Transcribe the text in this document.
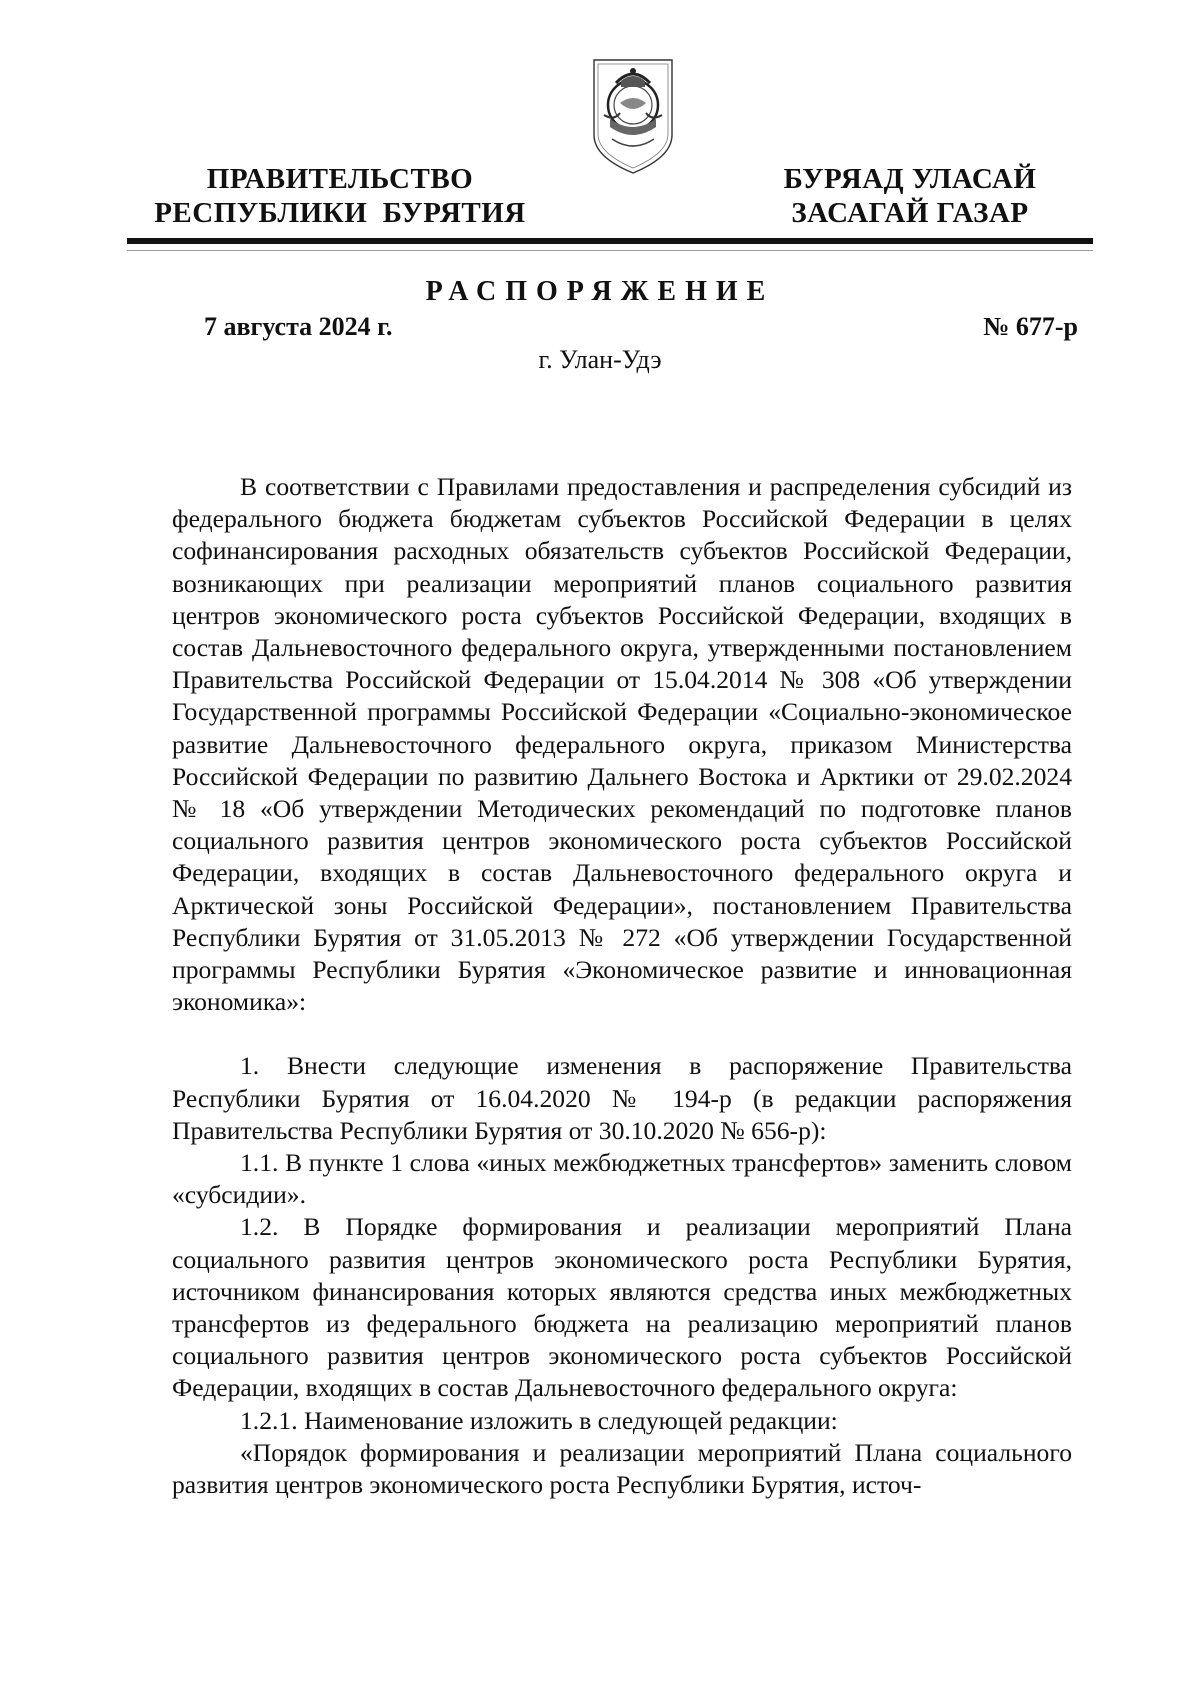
ПРАВИТЕЛЬСТВО
РЕСПУБЛИКИ  БУРЯТИЯ
БУРЯАД УЛАСАЙ
ЗАСАГАЙ ГАЗАР
РАСПОРЯЖЕНИЕ
7 августа 2024 г.	№ 677-р
г. Улан-Удэ

В соответствии с Правилами предоставления и распределения субсидий из федерального бюджета бюджетам субъектов Российской Федерации в целях софинансирования расходных обязательств субъектов Российской Федерации, возникающих при реализации мероприятий планов социального развития центров экономического роста субъектов Российской Федерации, входящих в состав Дальневосточного федерального округа, утвержденными постановлением Правительства Российской Федерации от 15.04.2014 № 308 «Об утверждении Государственной программы Российской Федерации «Социально-экономическое развитие Дальневосточного федерального округа, приказом Министерства Российской Федерации по развитию Дальнего Востока и Арктики от 29.02.2024 № 18 «Об утверждении Методических рекомендаций по подготовке планов социального развития центров экономического роста субъектов Российской Федерации, входящих в состав Дальневосточного федерального округа и Арктической зоны Российской Федерации», постановлением Правительства Республики Бурятия от 31.05.2013 № 272 «Об утверждении Государственной программы Республики Бурятия «Экономическое развитие и инновационная экономика»:

1. Внести следующие изменения в распоряжение Правительства Республики Бурятия от 16.04.2020 № 194-р (в редакции распоряжения Правительства Республики Бурятия от 30.10.2020 № 656-р):

1.1. В пункте 1 слова «иных межбюджетных трансфертов» заменить словом «субсидии».

1.2. В Порядке формирования и реализации мероприятий Плана социального развития центров экономического роста Республики Бурятия, источником финансирования которых являются средства иных межбюджетных трансфертов из федерального бюджета на реализацию мероприятий планов социального развития центров экономического роста субъектов Российской Федерации, входящих в состав Дальневосточного федерального округа:

1.2.1. Наименование изложить в следующей редакции:

«Порядок формирования и реализации мероприятий Плана социального развития центров экономического роста Республики Бурятия, источ-
